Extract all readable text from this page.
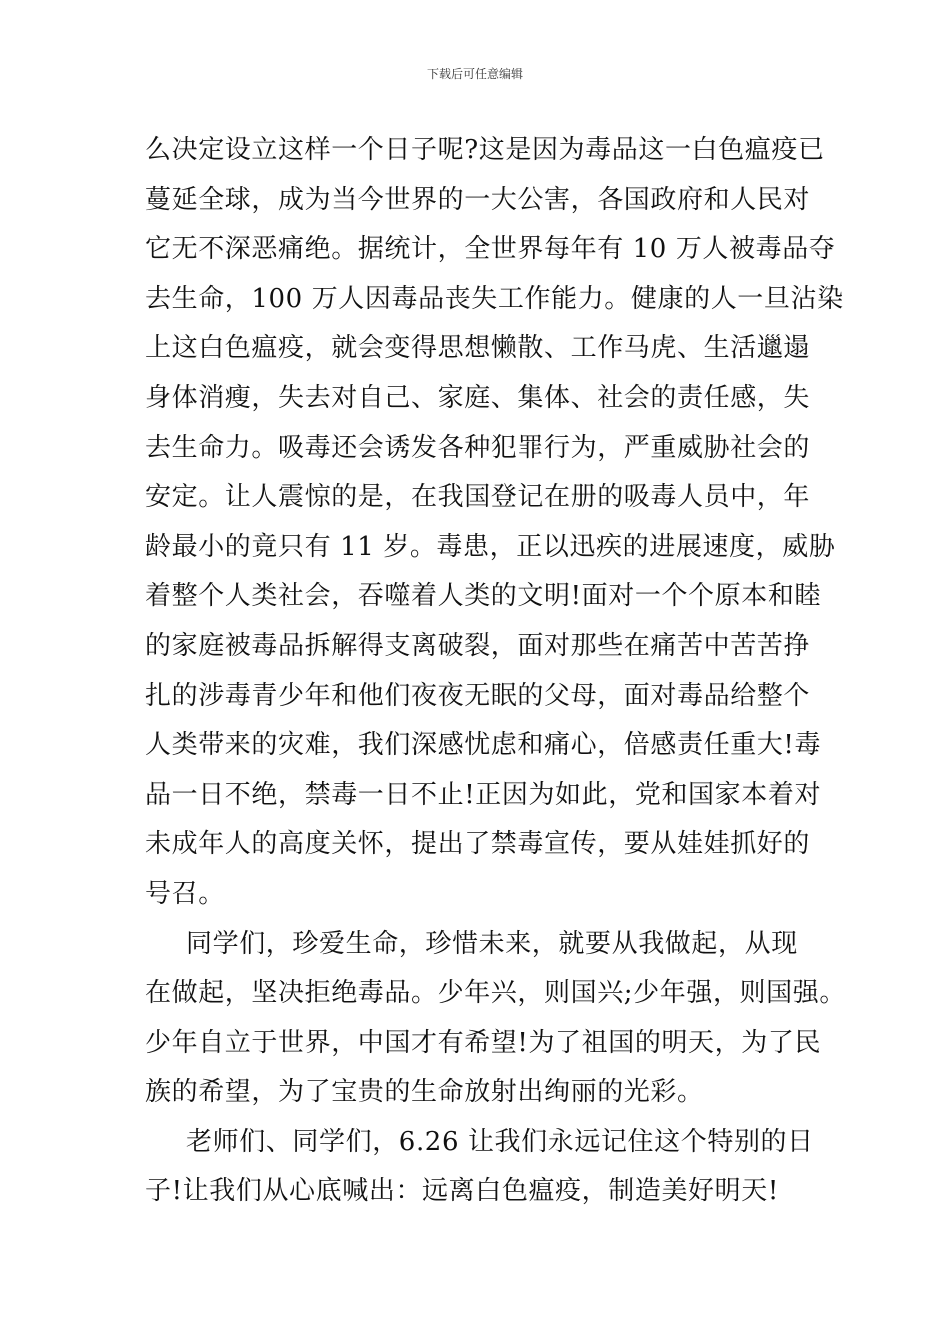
下载后可任意编辑
么决定设立这样一个日子呢?这是因为毒品这一白色瘟疫已
蔓延全球，成为当今世界的一大公害，各国政府和人民对
它无不深恶痛绝。据统计，全世界每年有 10 万人被毒品夺
去生命，100 万人因毒品丧失工作能力。健康的人一旦沾染
上这白色瘟疫，就会变得思想懒散、工作马虎、生活邋遢
身体消瘦，失去对自己、家庭、集体、社会的责任感，失
去生命力。吸毒还会诱发各种犯罪行为，严重威胁社会的
安定。让人震惊的是，在我国登记在册的吸毒人员中，年
龄最小的竟只有 11 岁。毒患，正以迅疾的进展速度，威胁
着整个人类社会，吞噬着人类的文明!面对一个个原本和睦
的家庭被毒品拆解得支离破裂，面对那些在痛苦中苦苦挣
扎的涉毒青少年和他们夜夜无眠的父母，面对毒品给整个
人类带来的灾难，我们深感忧虑和痛心，倍感责任重大!毒
品一日不绝，禁毒一日不止!正因为如此，党和国家本着对
未成年人的高度关怀，提出了禁毒宣传，要从娃娃抓好的
号召。
同学们，珍爱生命，珍惜未来，就要从我做起，从现
在做起，坚决拒绝毒品。少年兴，则国兴;少年强，则国强。
少年自立于世界，中国才有希望!为了祖国的明天，为了民
族的希望，为了宝贵的生命放射出绚丽的光彩。
老师们、同学们，6.26 让我们永远记住这个特别的日
子!让我们从心底喊出：远离白色瘟疫，制造美好明天!
